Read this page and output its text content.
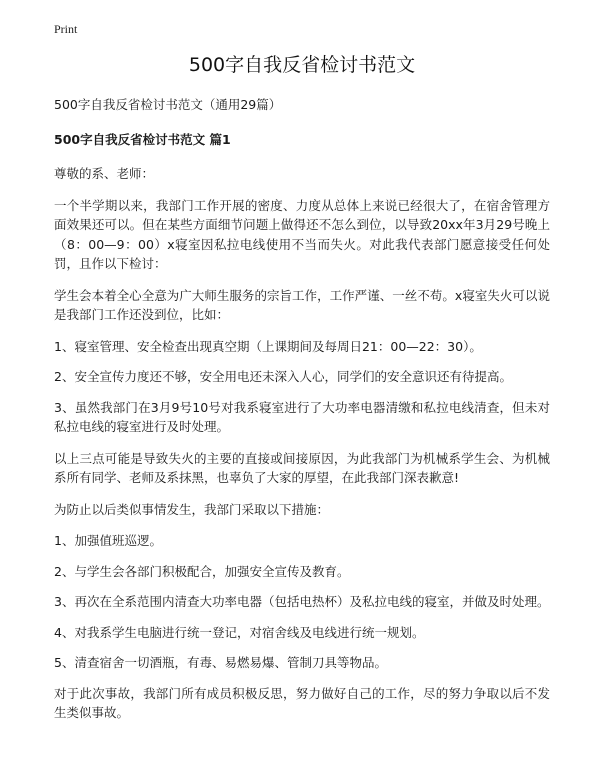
Print
500字自我反省检讨书范文

500字自我反省检讨书范文（通用29篇）

500字自我反省检讨书范文 篇1

尊敬的系、老师：

一个半学期以来，我部门工作开展的密度、力度从总体上来说已经很大了，在宿舍管理方面效果还可以。但在某些方面细节问题上做得还不怎么到位，以导致20xx年3月29号晚上（8：00—9：00）x寝室因私拉电线使用不当而失火。对此我代表部门愿意接受任何处罚，且作以下检讨：

学生会本着全心全意为广大师生服务的宗旨工作，工作严谨、一丝不苟。x寝室失火可以说是我部门工作还没到位，比如：

1、寝室管理、安全检查出现真空期（上课期间及每周日21：00—22：30）。

2、安全宣传力度还不够，安全用电还未深入人心，同学们的安全意识还有待提高。

3、虽然我部门在3月9号10号对我系寝室进行了大功率电器清缴和私拉电线清查，但未对私拉电线的寝室进行及时处理。

以上三点可能是导致失火的主要的直接或间接原因，为此我部门为机械系学生会、为机械系所有同学、老师及系抹黑，也辜负了大家的厚望，在此我部门深表歉意!

为防止以后类似事情发生，我部门采取以下措施：

1、加强值班巡逻。

2、与学生会各部门积极配合，加强安全宣传及教育。

3、再次在全系范围内清查大功率电器（包括电热杯）及私拉电线的寝室，并做及时处理。

4、对我系学生电脑进行统一登记，对宿舍线及电线进行统一规划。

5、清查宿舍一切酒瓶，有毒、易燃易爆、管制刀具等物品。

对于此次事故，我部门所有成员积极反思，努力做好自己的工作，尽的努力争取以后不发生类似事故。
